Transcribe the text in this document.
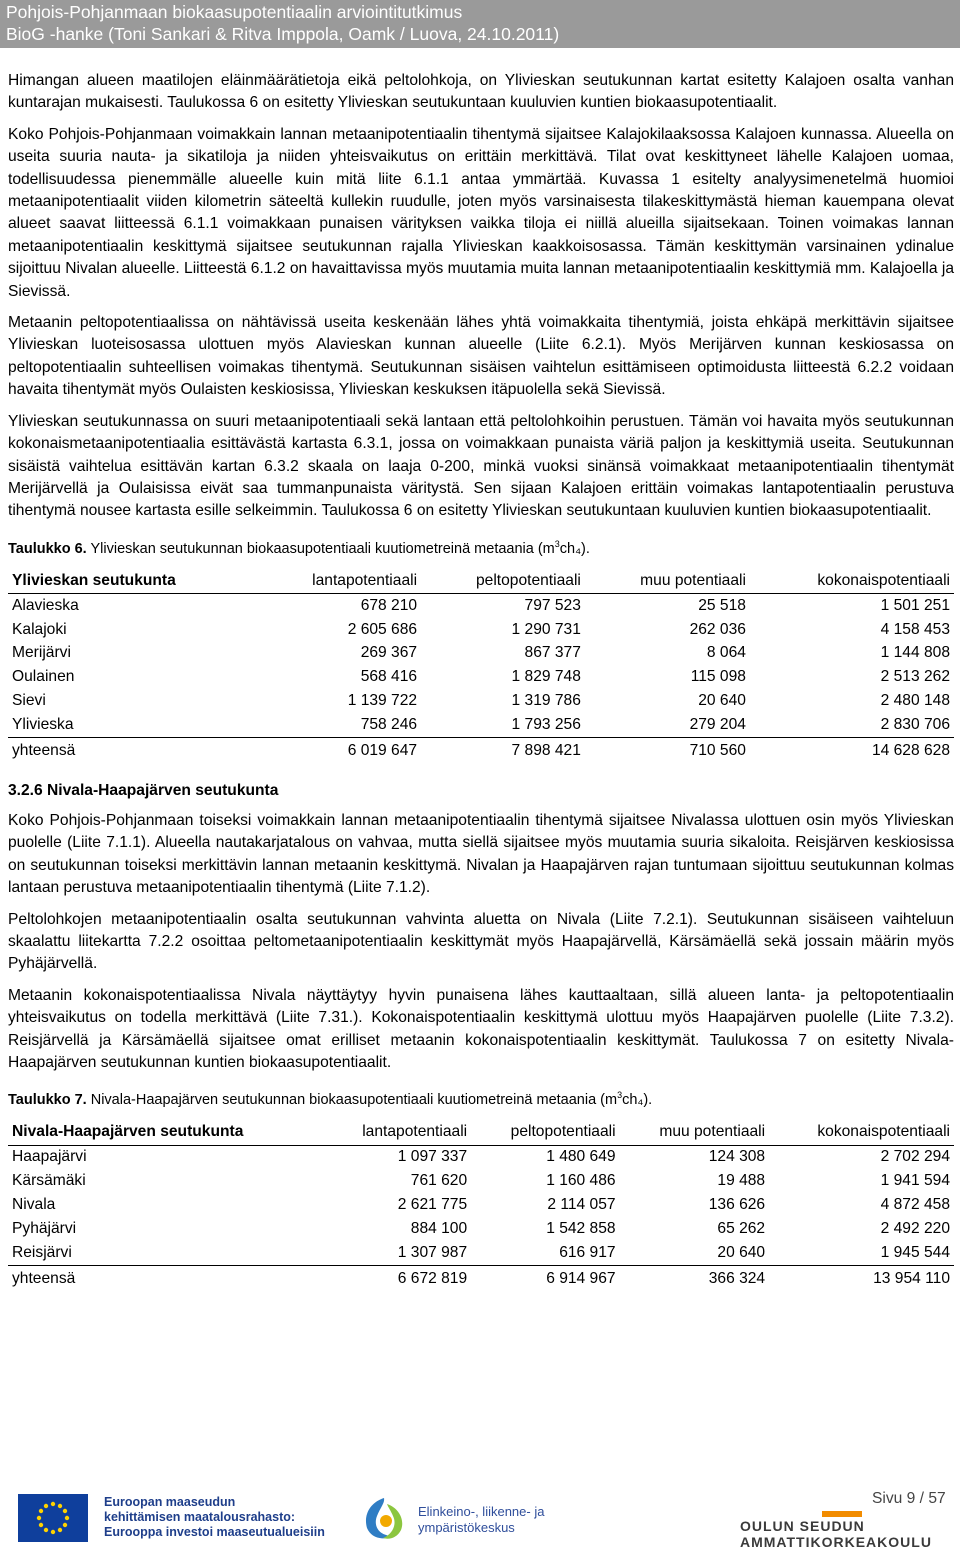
Pohjois-Pohjanmaan biokaasupotentiaalin arviointitutkimus
BioG -hanke (Toni Sankari & Ritva Imppola, Oamk / Luova, 24.10.2011)

Himangan alueen maatilojen eläinmäärätietoja eikä peltolohkoja, on Ylivieskan seutukunnan kartat esitetty Kalajoen osalta vanhan kuntarajan mukaisesti. Taulukossa 6 on esitetty Ylivieskan seutukuntaan kuuluvien kuntien biokaasupotentiaalit.

Koko Pohjois-Pohjanmaan voimakkain lannan metaanipotentiaalin tihentymä sijaitsee Kalajokilaaksossa Kalajoen kunnassa. Alueella on useita suuria nauta- ja sikatiloja ja niiden yhteisvaikutus on erittäin merkittävä. Tilat ovat keskittyneet lähelle Kalajoen uomaa, todellisuudessa pienemmälle alueelle kuin mitä liite 6.1.1 antaa ymmärtää. Kuvassa 1 esitelty analyysimenetelmä huomioi metaanipotentiaalit viiden kilometrin säteeltä kullekin ruudulle, joten myös varsinaisesta tilakeskittymästä hieman kauempana olevat alueet saavat liitteessä 6.1.1 voimakkaan punaisen värityksen vaikka tiloja ei niillä alueilla sijaitsekaan. Toinen voimakas lannan metaanipotentiaalin keskittymä sijaitsee seutukunnan rajalla Ylivieskan kaakkoisosassa. Tämän keskittymän varsinainen ydinalue sijoittuu Nivalan alueelle. Liitteestä 6.1.2 on havaittavissa myös muutamia muita lannan metaanipotentiaalin keskittymiä mm. Kalajoella ja Sievissä.

Metaanin peltopotentiaalissa on nähtävissä useita keskenään lähes yhtä voimakkaita tihentymiä, joista ehkäpä merkittävin sijaitsee Ylivieskan luoteisosassa ulottuen myös Alavieskan kunnan alueelle (Liite 6.2.1). Myös Merijärven kunnan keskiosassa on peltopotentiaalin suhteellisen voimakas tihentymä. Seutukunnan sisäisen vaihtelun esittämiseen optimoidusta liitteestä 6.2.2 voidaan havaita tihentymät myös Oulaisten keskiosissa, Ylivieskan keskuksen itäpuolella sekä Sievissä.

Ylivieskan seutukunnassa on suuri metaanipotentiaali sekä lantaan että peltolohkoihin perustuen. Tämän voi havaita myös seutukunnan kokonaismetaanipotentiaalia esittävästä kartasta 6.3.1, jossa on voimakkaan punaista väriä paljon ja keskittymiä useita. Seutukunnan sisäistä vaihtelua esittävän kartan 6.3.2 skaala on laaja 0-200, minkä vuoksi sinänsä voimakkaat metaanipotentiaalin tihentymät Merijärvellä ja Oulaisissa eivät saa tummanpunaista väritystä. Sen sijaan Kalajoen erittäin voimakas lantapotentiaalin perustuva tihentymä nousee kartasta esille selkeimmin. Taulukossa 6 on esitetty Ylivieskan seutukuntaan kuuluvien kuntien biokaasupotentiaalit.

Taulukko 6. Ylivieskan seutukunnan biokaasupotentiaali kuutiometreinä metaania $(m^3ch_4)$.
Ylivieskan seutukunta	lantapotentiaali	peltopotentiaali	muu potentiaali	kokonaispotentiaali
Alavieska	678 210	797 523	25 518	1 501 251
Kalajoki	2 605 686	1 290 731	262 036	4 158 453
Merijärvi	269 367	867 377	8 064	1 144 808
Oulainen	568 416	1 829 748	115 098	2 513 262
Sievi	1 139 722	1 319 786	20 640	2 480 148
Ylivieska	758 246	1 793 256	279 204	2 830 706
yhteensä	6 019 647	7 898 421	710 560	14 628 628
3.2.6 Nivala-Haapajärven seutukunta

Koko Pohjois-Pohjanmaan toiseksi voimakkain lannan metaanipotentiaalin tihentymä sijaitsee Nivalassa ulottuen osin myös Ylivieskan puolelle (Liite 7.1.1). Alueella nautakarjatalous on vahvaa, mutta siellä sijaitsee myös muutamia suuria sikaloita. Reisjärven keskiosissa on seutukunnan toiseksi merkittävin lannan metaanin keskittymä. Nivalan ja Haapajärven rajan tuntumaan sijoittuu seutukunnan kolmas lantaan perustuva metaanipotentiaalin tihentymä (Liite 7.1.2).

Peltolohkojen metaanipotentiaalin osalta seutukunnan vahvinta aluetta on Nivala (Liite 7.2.1). Seutukunnan sisäiseen vaihteluun skaalattu liitekartta 7.2.2 osoittaa peltometaanipotentiaalin keskittymät myös Haapajärvellä, Kärsämäellä sekä jossain määrin myös Pyhäjärvellä.

Metaanin kokonaispotentiaalissa Nivala näyttäytyy hyvin punaisena lähes kauttaaltaan, sillä alueen lanta- ja peltopotentiaalin yhteisvaikutus on todella merkittävä (Liite 7.31.). Kokonaispotentiaalin keskittymä ulottuu myös Haapajärven puolelle (Liite 7.3.2). Reisjärvellä ja Kärsämäellä sijaitsee omat erilliset metaanin kokonaispotentiaalin keskittymät. Taulukossa 7 on esitetty Nivala-Haapajärven seutukunnan kuntien biokaasupotentiaalit.

Taulukko 7. Nivala-Haapajärven seutukunnan biokaasupotentiaali kuutiometreinä metaania $(m^3ch_4)$.
Nivala-Haapajärven seutukunta	lantapotentiaali	peltopotentiaali	muu potentiaali	kokonaispotentiaali
Haapajärvi	1 097 337	1 480 649	124 308	2 702 294
Kärsämäki	761 620	1 160 486	19 488	1 941 594
Nivala	2 621 775	2 114 057	136 626	4 872 458
Pyhäjärvi	884 100	1 542 858	65 262	2 492 220
Reisjärvi	1 307 987	616 917	20 640	1 945 544
yhteensä	6 672 819	6 914 967	366 324	13 954 110
Euroopan maaseudun
kehittämisen maatalousrahasto:
Eurooppa investoi maaseutualueisiin
Elinkeino-, liikenne- ja
ympäristökeskus	OULUN SEUDUN
AMMATTIKORKEAKOULU
Sivu 9 / 57
